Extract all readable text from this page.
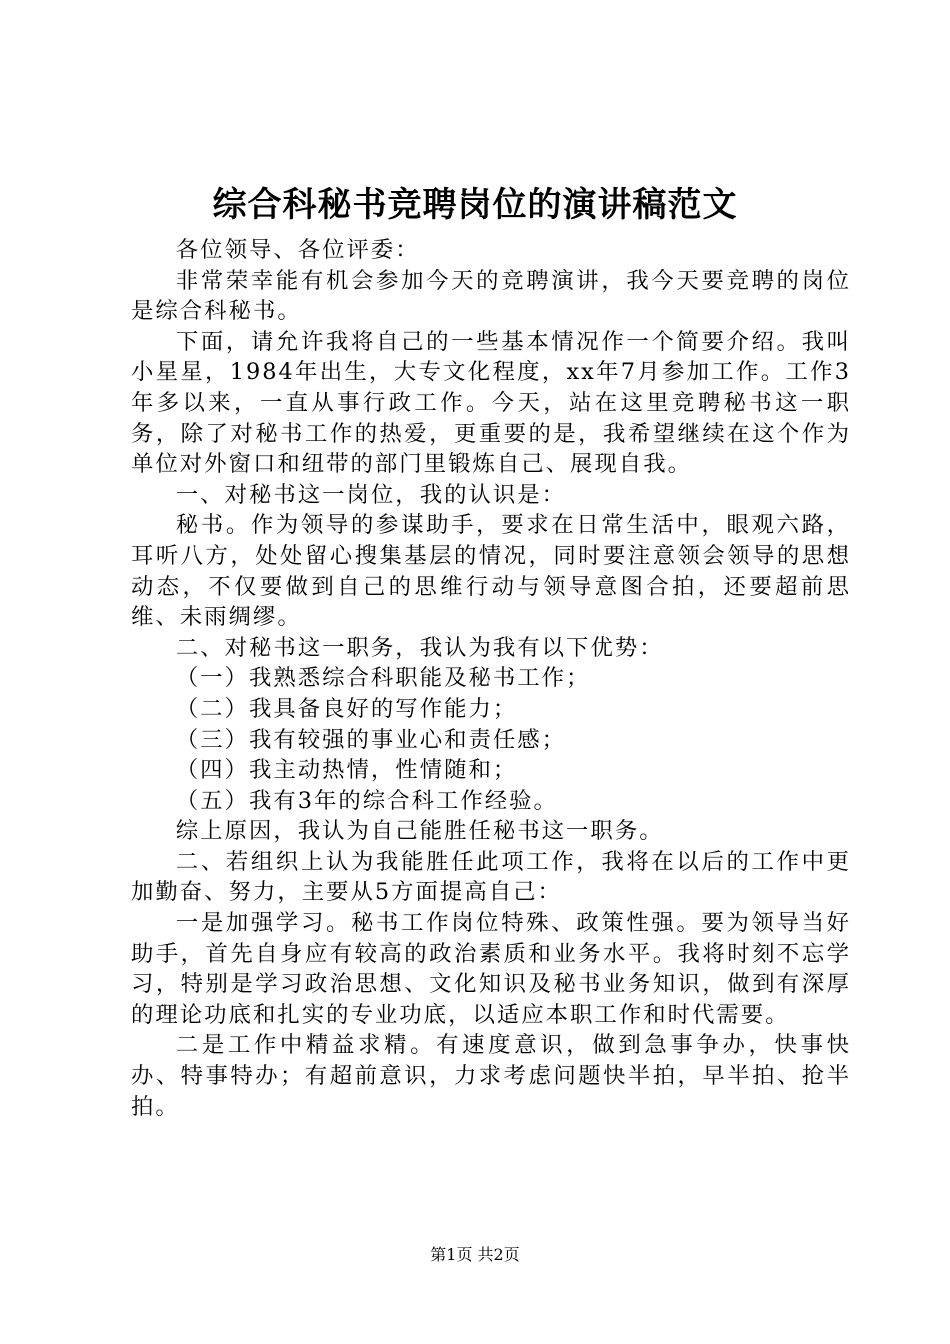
综合科秘书竞聘岗位的演讲稿范文

各位领导、各位评委：

非常荣幸能有机会参加今天的竞聘演讲，我今天要竞聘的岗位是综合科秘书。

下面，请允许我将自己的一些基本情况作一个简要介绍。我叫小星星，1984年出生，大专文化程度，xx年7月参加工作。工作3年多以来，一直从事行政工作。今天，站在这里竞聘秘书这一职务，除了对秘书工作的热爱，更重要的是，我希望继续在这个作为单位对外窗口和纽带的部门里锻炼自己、展现自我。

一、对秘书这一岗位，我的认识是：

秘书。作为领导的参谋助手，要求在日常生活中，眼观六路，耳听八方，处处留心搜集基层的情况，同时要注意领会领导的思想动态，不仅要做到自己的思维行动与领导意图合拍，还要超前思维、未雨绸缪。

二、对秘书这一职务，我认为我有以下优势：

（一）我熟悉综合科职能及秘书工作；

（二）我具备良好的写作能力；

（三）我有较强的事业心和责任感；

（四）我主动热情，性情随和；

（五）我有3年的综合科工作经验。

综上原因，我认为自己能胜任秘书这一职务。

二、若组织上认为我能胜任此项工作，我将在以后的工作中更加勤奋、努力，主要从5方面提高自己：

一是加强学习。秘书工作岗位特殊、政策性强。要为领导当好助手，首先自身应有较高的政治素质和业务水平。我将时刻不忘学习，特别是学习政治思想、文化知识及秘书业务知识，做到有深厚的理论功底和扎实的专业功底，以适应本职工作和时代需要。

二是工作中精益求精。有速度意识，做到急事争办，快事快办、特事特办；有超前意识，力求考虑问题快半拍，早半拍、抢半拍。

第1页 共2页
